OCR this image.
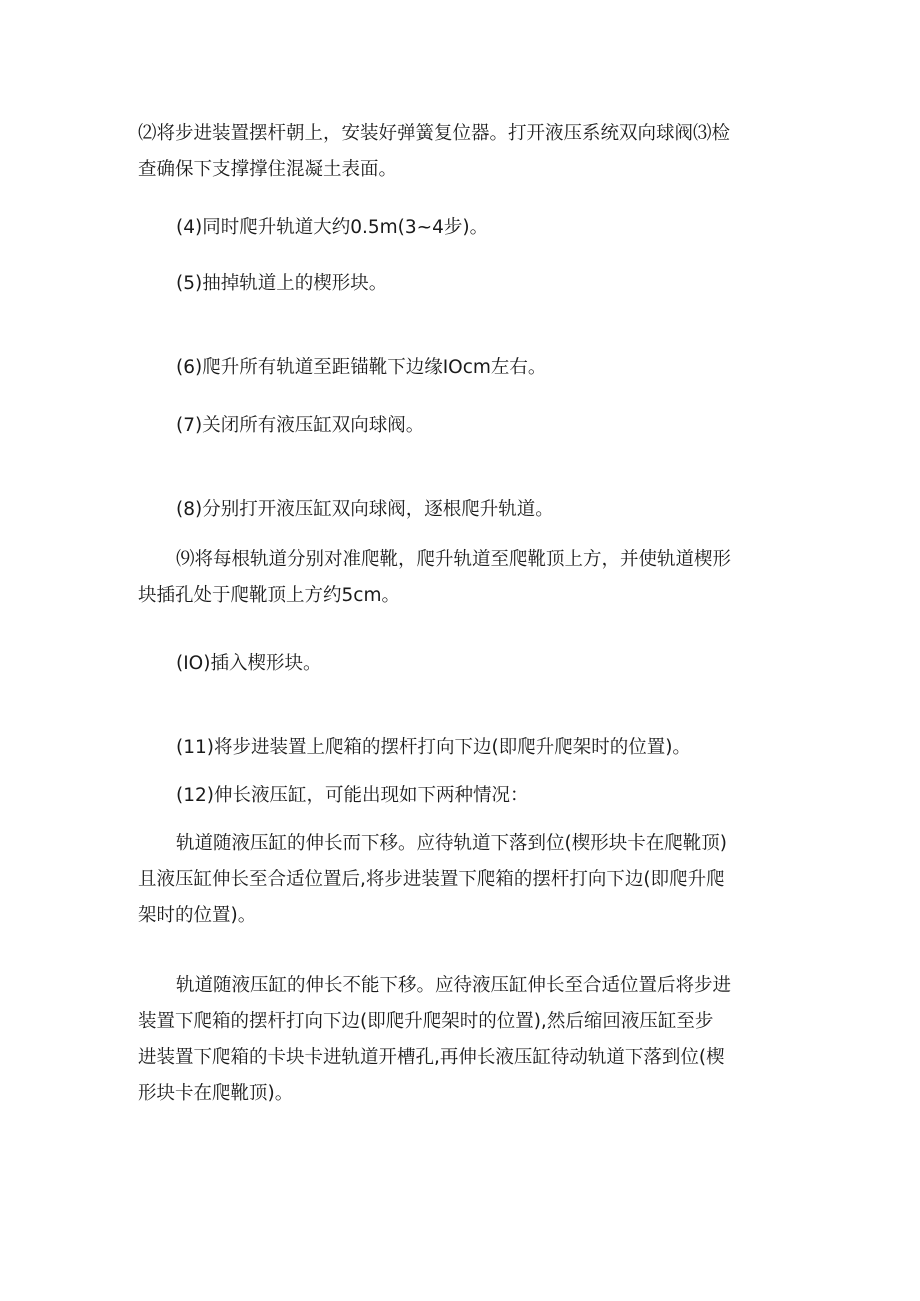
⑵将步进装置摆杆朝上，安装好弹簧复位器。打开液压系统双向球阀⑶检
查确保下支撑撑住混凝土表面。

(4)同时爬升轨道大约0.5m(3~4步)。

(5)抽掉轨道上的楔形块。

(6)爬升所有轨道至距锚靴下边缘IOcm左右。

(7)关闭所有液压缸双向球阀。

(8)分别打开液压缸双向球阀，逐根爬升轨道。

⑼将每根轨道分别对准爬靴，爬升轨道至爬靴顶上方，并使轨道楔形
块插孔处于爬靴顶上方约5cm。

(IO)插入楔形块。

(11)将步进装置上爬箱的摆杆打向下边(即爬升爬架时的位置)。

(12)伸长液压缸，可能出现如下两种情况：

轨道随液压缸的伸长而下移。应待轨道下落到位(楔形块卡在爬靴顶)
且液压缸伸长至合适位置后,将步进装置下爬箱的摆杆打向下边(即爬升爬
架时的位置)。

轨道随液压缸的伸长不能下移。应待液压缸伸长至合适位置后将步进
装置下爬箱的摆杆打向下边(即爬升爬架时的位置),然后缩回液压缸至步
进装置下爬箱的卡块卡进轨道开槽孔,再伸长液压缸待动轨道下落到位(楔
形块卡在爬靴顶)。
